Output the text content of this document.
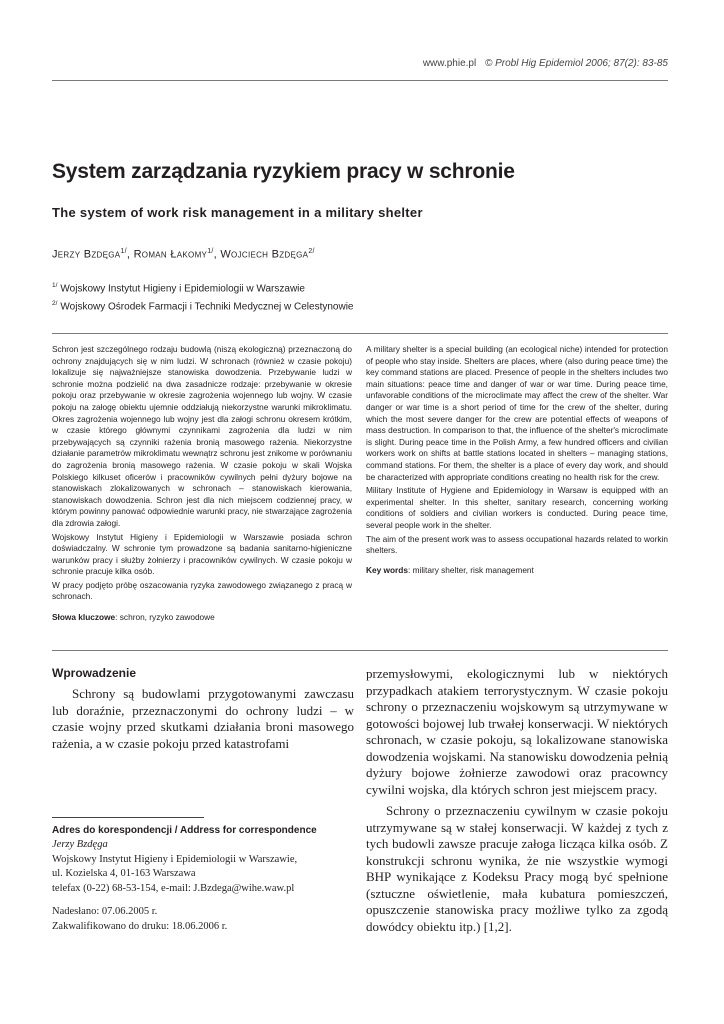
www.phie.pl © Probl Hig Epidemiol 2006; 87(2): 83-85
System zarządzania ryzykiem pracy w schronie
The system of work risk management in a military shelter
Jerzy Bzdęga$^{1/}$, Roman Łakomy$^{1/}$, Wojciech Bzdęga$^{2/}$
$^{1/}$ Wojskowy Instytut Higieny i Epidemiologii w Warszawie
$^{2/}$ Wojskowy Ośrodek Farmacji i Techniki Medycznej w Celestynowie

Schron jest szczególnego rodzaju budowlą (niszą ekologiczną) przeznaczoną do ochrony znajdujących się w nim ludzi. W schronach (również w czasie pokoju) lokalizuje się najważniejsze stanowiska dowodzenia. Przebywanie ludzi w schronie można podzielić na dwa zasadnicze rodzaje: przebywanie w okresie pokoju oraz przebywanie w okresie zagrożenia wojennego lub wojny. W czasie pokoju na załogę obiektu ujemnie oddziałują niekorzystne warunki mikroklimatu. Okres zagrożenia wojennego lub wojny jest dla załogi schronu okresem krótkim, w czasie którego głównymi czynnikami zagrożenia dla ludzi w nim przebywających są czynniki rażenia bronią masowego rażenia. Niekorzystne działanie parametrów mikroklimatu wewnątrz schronu jest znikome w porównaniu do zagrożenia bronią masowego rażenia. W czasie pokoju w skali Wojska Polskiego kilkuset oficerów i pracowników cywilnych pełni dyżury bojowe na stanowiskach zlokalizowanych w schronach – stanowiskach kierowania, stanowiskach dowodzenia. Schron jest dla nich miejscem codziennej pracy, w którym powinny panować odpowiednie warunki pracy, nie stwarzające zagrożenia dla zdrowia załogi.

Wojskowy Instytut Higieny i Epidemiologii w Warszawie posiada schron doświadczalny. W schronie tym prowadzone są badania sanitarno-higieniczne warunków pracy i służby żołnierzy i pracowników cywilnych. W czasie pokoju w schronie pracuje kilka osób.

W pracy podjęto próbę oszacowania ryzyka zawodowego związanego z pracą w schronach.

Słowa kluczowe: schron, ryzyko zawodowe

A military shelter is a special building (an ecological niche) intended for protection of people who stay inside. Shelters are places, where (also during peace time) the key command stations are placed. Presence of people in the shelters includes two main situations: peace time and danger of war or war time. During peace time, unfavorable conditions of the microclimate may affect the crew of the shelter. War danger or war time is a short period of time for the crew of the shelter, during which the most severe danger for the crew are potential effects of weapons of mass destruction. In comparison to that, the influence of the shelter's microclimate is slight. During peace time in the Polish Army, a few hundred officers and civilian workers work on shifts at battle stations located in shelters – managing stations, command stations. For them, the shelter is a place of every day work, and should be characterized with appropriate conditions creating no health risk for the crew.

Military Institute of Hygiene and Epidemiology in Warsaw is equipped with an experimental shelter. In this shelter, sanitary research, concerning working conditions of soldiers and civilian workers is conducted. During peace time, several people work in the shelter.

The aim of the present work was to assess occupational hazards related to workin shelters.

Key words: military shelter, risk management
Wprowadzenie

Schrony są budowlami przygotowanymi zawczasu lub doraźnie, przeznaczonymi do ochrony ludzi – w czasie wojny przed skutkami działania broni masowego rażenia, a w czasie pokoju przed katastrofami

przemysłowymi, ekologicznymi lub w niektórych przypadkach atakiem terrorystycznym. W czasie pokoju schrony o przeznaczeniu wojskowym są utrzymywane w gotowości bojowej lub trwałej konserwacji. W niektórych schronach, w czasie pokoju, są lokalizowane stanowiska dowodzenia wojskami. Na stanowisku dowodzenia pełnią dyżury bojowe żołnierze zawodowi oraz pracowncy cywilni wojska, dla których schron jest miejscem pracy.

Schrony o przeznaczeniu cywilnym w czasie pokoju utrzymywane są w stałej konserwacji. W każdej z tych z tych budowli zawsze pracuje załoga licząca kilka osób. Z konstrukcji schronu wynika, że nie wszystkie wymogi BHP wynikające z Kodeksu Pracy mogą być spełnione (sztuczne oświetlenie, mała kubatura pomieszczeń, opuszczenie stanowiska pracy możliwe tylko za zgodą dowódcy obiektu itp.) [1,2].

Adres do korespondencji / Address for correspondence
Jerzy Bzdęga
Wojskowy Instytut Higieny i Epidemiologii w Warszawie,
ul. Kozielska 4, 01-163 Warszawa
telefax (0-22) 68-53-154, e-mail: J.Bzdega@wihe.waw.pl
Nadesłano: 07.06.2005 r.
Zakwalifikowano do druku: 18.06.2006 r.
